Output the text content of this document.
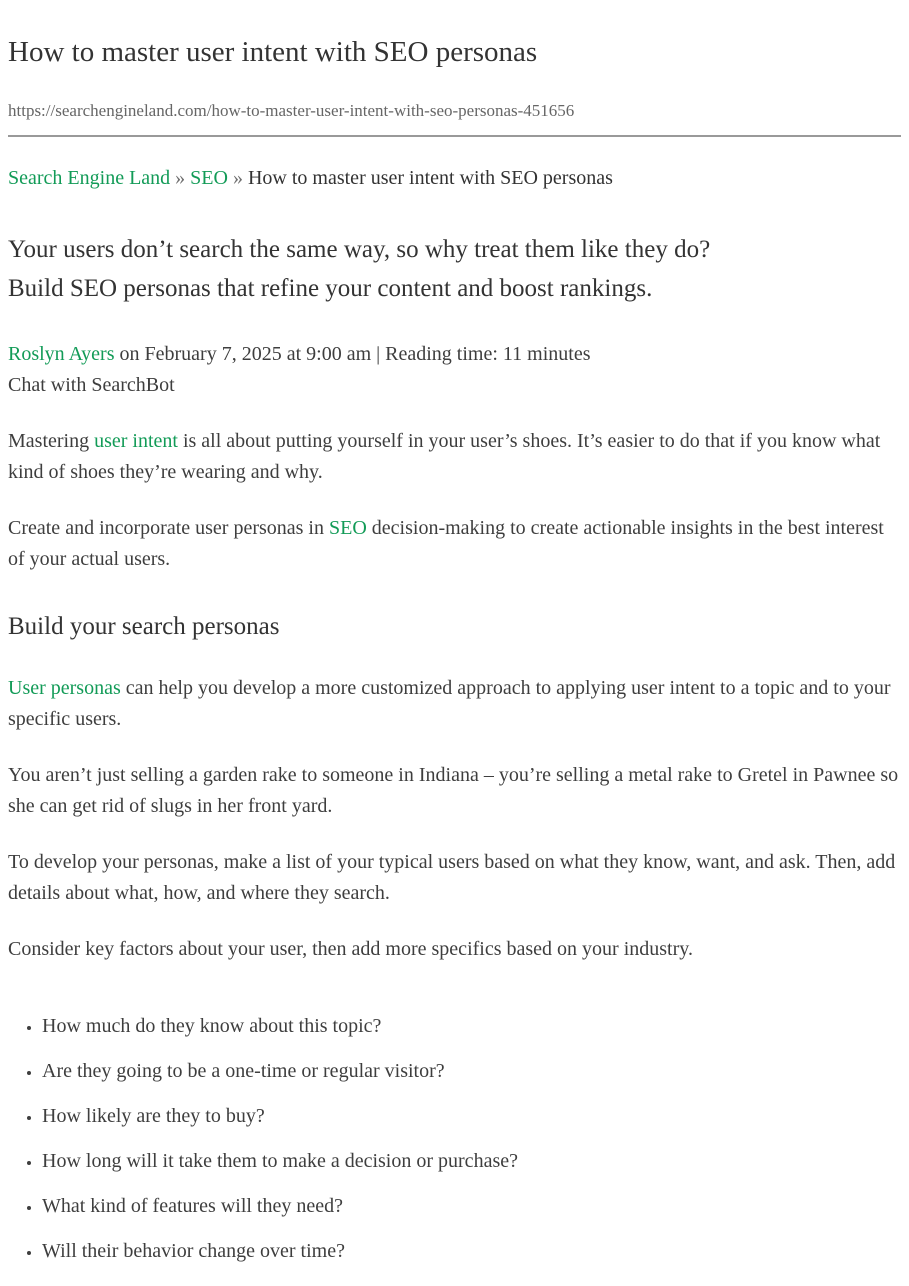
How to master user intent with SEO personas

https://searchengineland.com/how-to-master-user-intent-with-seo-personas-451656

Search Engine Land » SEO » How to master user intent with SEO personas

Your users don’t search the same way, so why treat them like they do?
Build SEO personas that refine your content and boost rankings.

Roslyn Ayers on February 7, 2025 at 9:00 am | Reading time: 11 minutes
Chat with SearchBot

Mastering user intent is all about putting yourself in your user’s shoes. It’s easier to do that if you know what kind of shoes they’re wearing and why.

Create and incorporate user personas in SEO decision-making to create actionable insights in the best interest of your actual users.

Build your search personas

User personas can help you develop a more customized approach to applying user intent to a topic and to your specific users.

You aren’t just selling a garden rake to someone in Indiana – you’re selling a metal rake to Gretel in Pawnee so she can get rid of slugs in her front yard.

To develop your personas, make a list of your typical users based on what they know, want, and ask. Then, add details about what, how, and where they search.

Consider key factors about your user, then add more specifics based on your industry.

• How much do they know about this topic?
• Are they going to be a one-time or regular visitor?
• How likely are they to buy?
• How long will it take them to make a decision or purchase?
• What kind of features will they need?
• Will their behavior change over time?
